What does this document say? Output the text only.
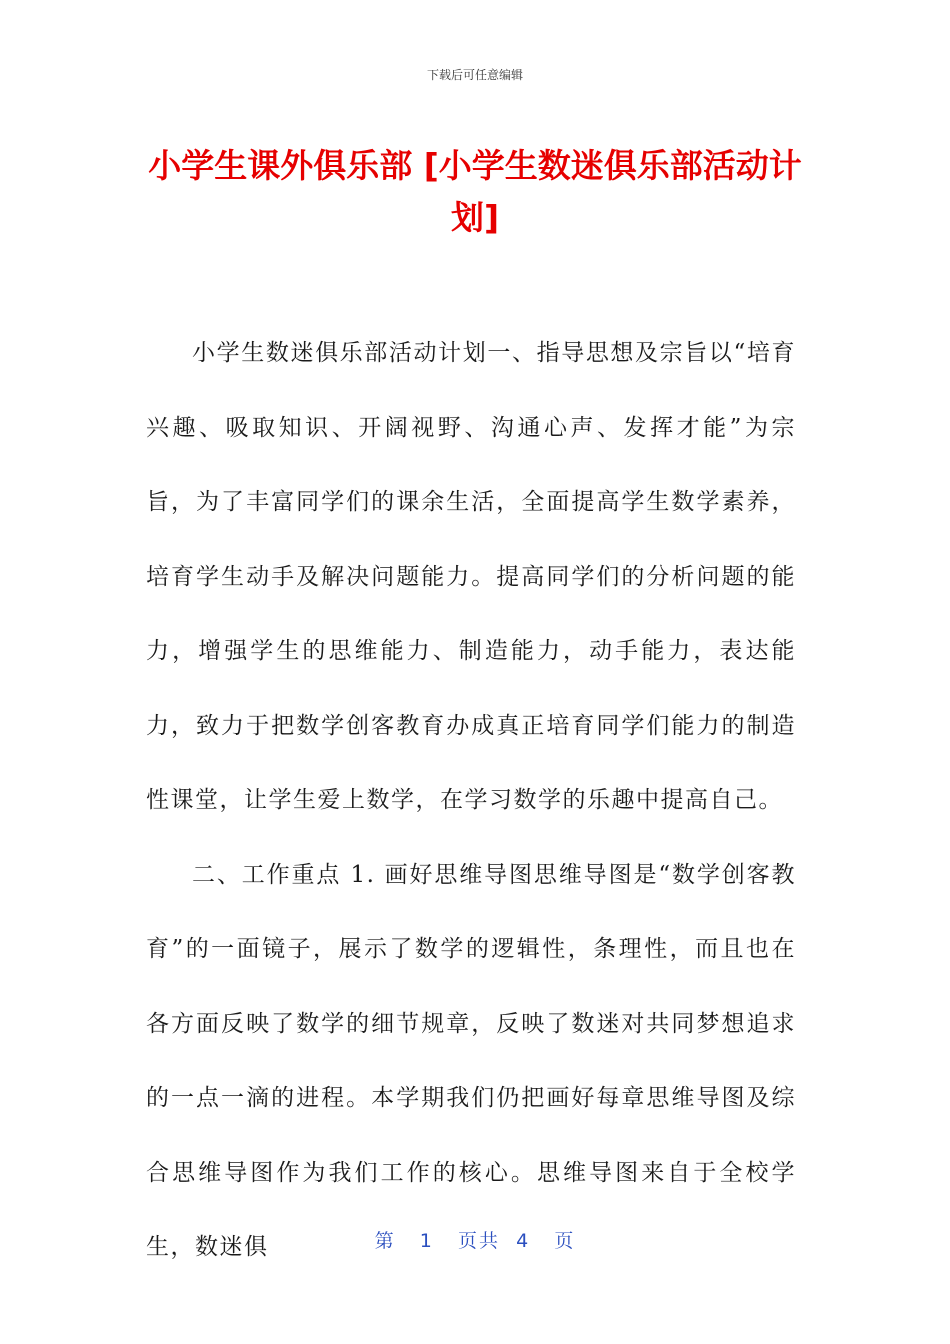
下载后可任意编辑
小学生课外俱乐部 [小学生数迷俱乐部活动计划]

小学生数迷俱乐部活动计划一、指导思想及宗旨以“培育兴趣、吸取知识、开阔视野、沟通心声、发挥才能”为宗旨，为了丰富同学们的课余生活，全面提高学生数学素养，培育学生动手及解决问题能力。提高同学们的分析问题的能力，增强学生的思维能力、制造能力，动手能力，表达能力，致力于把数学创客教育办成真正培育同学们能力的制造性课堂，让学生爱上数学，在学习数学的乐趣中提高自己。

二、工作重点 1. 画好思维导图思维导图是“数学创客教育”的一面镜子，展示了数学的逻辑性，条理性，而且也在各方面反映了数学的细节规章，反映了数迷对共同梦想追求的一点一滴的进程。本学期我们仍把画好每章思维导图及综合思维导图作为我们工作的核心。思维导图来自于全校学生，数迷俱	第 1 页共 4 页
